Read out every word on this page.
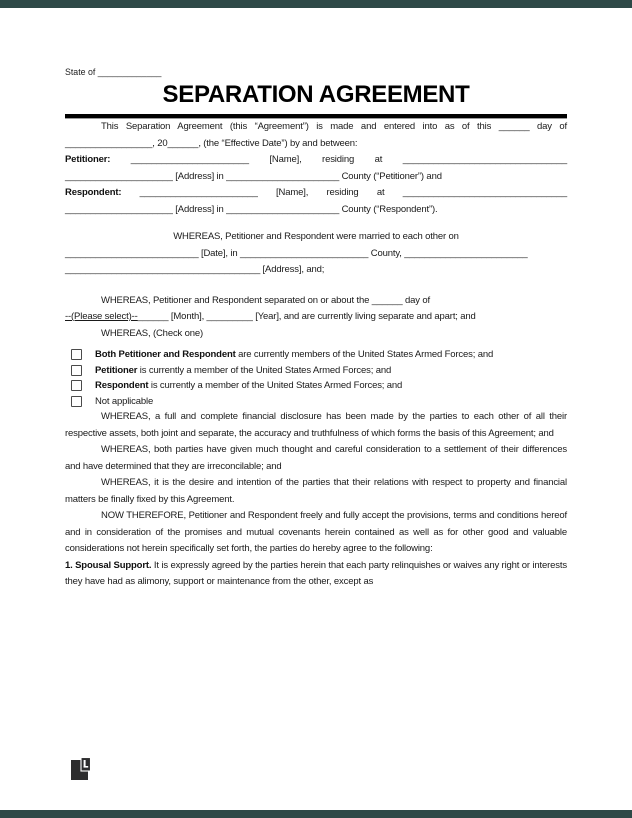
State of _____________

SEPARATION AGREEMENT

This Separation Agreement (this “Agreement”) is made and entered into as of this ______ day of _________________, 20______, (the “Effective Date”) by and between:

Petitioner: _______________________ [Name], residing at ________________________________ _____________________ [Address] in ______________________ County (“Petitioner”) and

Respondent: _______________________ [Name], residing at ________________________________ _____________________ [Address] in ______________________ County (“Respondent”).

WHEREAS, Petitioner and Respondent were married to each other on
__________________________ [Date], in _________________________ County, ________________________
______________________________________ [Address], and;
WHEREAS, Petitioner and Respondent separated on or about the ______ day of
--(Please select)--______ [Month], _________ [Year], and are currently living separate and apart; and

WHEREAS, (Check one)

Both Petitioner and Respondent are currently members of the United States Armed Forces; and
Petitioner is currently a member of the United States Armed Forces; and
Respondent is currently a member of the United States Armed Forces; and
Not applicable

WHEREAS, a full and complete financial disclosure has been made by the parties to each other of all their respective assets, both joint and separate, the accuracy and truthfulness of which forms the basis of this Agreement; and

WHEREAS, both parties have given much thought and careful consideration to a settlement of their differences and have determined that they are irreconcilable; and

WHEREAS, it is the desire and intention of the parties that their relations with respect to property and financial matters be finally fixed by this Agreement.

NOW THEREFORE, Petitioner and Respondent freely and fully accept the provisions, terms and conditions hereof and in consideration of the promises and mutual covenants herein contained as well as for other good and valuable considerations not herein specifically set forth, the parties do hereby agree to the following:

1. Spousal Support. It is expressly agreed by the parties herein that each party relinquishes or waives any right or interests they have had as alimony, support or maintenance from the other, except as
